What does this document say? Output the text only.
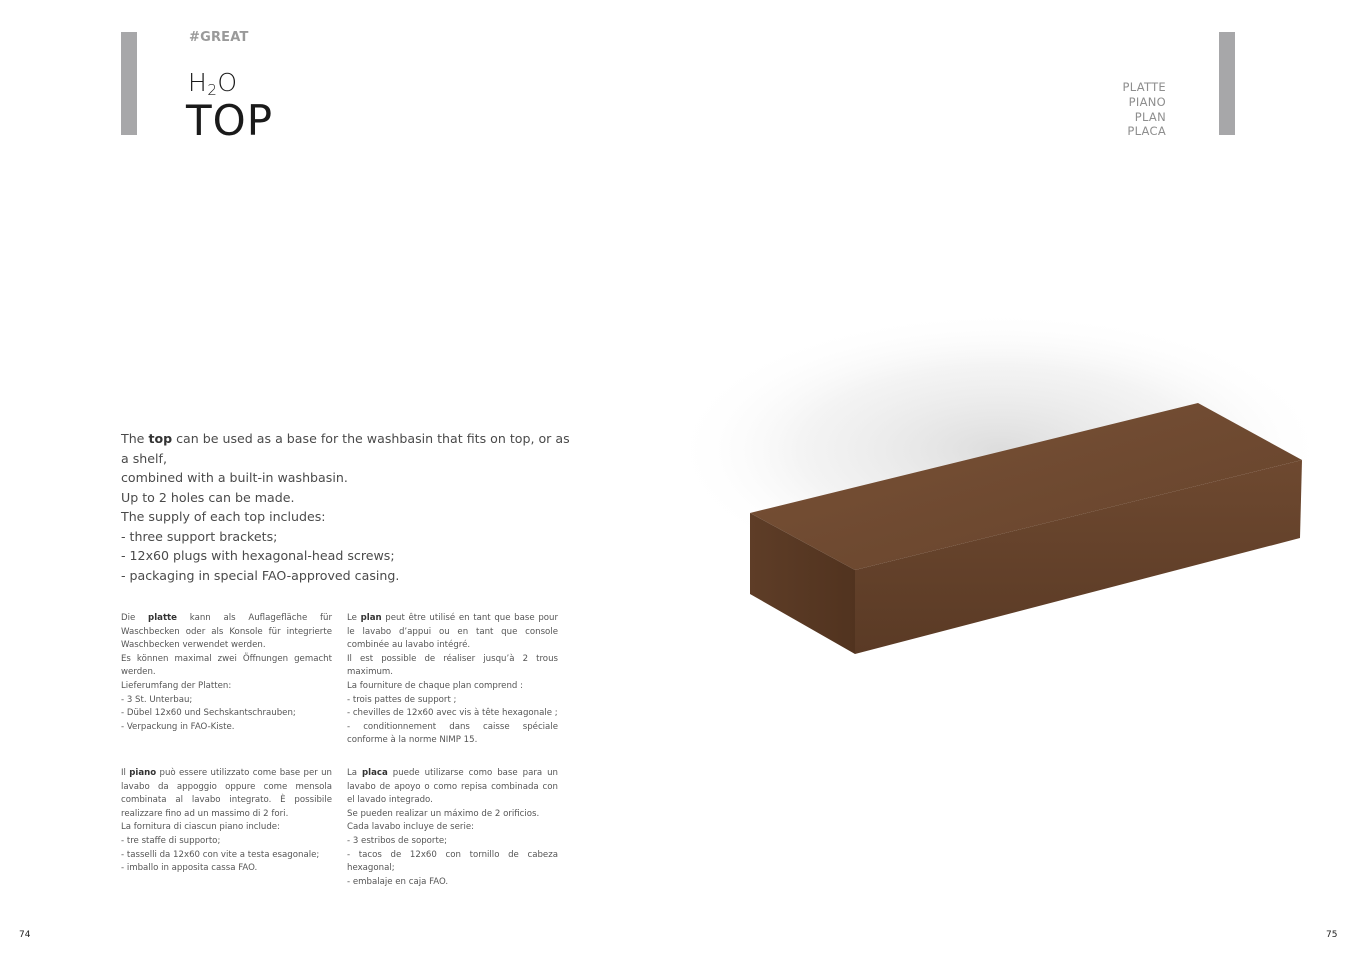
#GREAT
$H_2O$
TOP
PLATTE
PIANO
PLAN
PLACA

The top can be used as a base for the washbasin that fits on top, or as a shelf,

combined with a built-in washbasin.

Up to 2 holes can be made.

The supply of each top includes:

- three support brackets;

- 12x60 plugs with hexagonal-head screws;

- packaging in special FAO-approved casing.

Die platte kann als Auflagefläche für Waschbecken oder als Konsole für integrierte Waschbecken verwendet werden.

Es können maximal zwei Öffnungen gemacht werden.

Lieferumfang der Platten:

- 3 St. Unterbau;

- Dübel 12x60 und Sechskantschrauben;

- Verpackung in FAO-Kiste.

Le plan peut être utilisé en tant que base pour le lavabo d’appui ou en tant que console combinée au lavabo intégré.

Il est possible de réaliser jusqu’à 2 trous maximum.

La fourniture de chaque plan comprend :

- trois pattes de support ;

- chevilles de 12x60 avec vis à tête hexagonale ;

- conditionnement dans caisse spéciale conforme à la norme NIMP 15.

Il piano può essere utilizzato come base per un lavabo da appoggio oppure come mensola combinata al lavabo integrato. È possibile realizzare fino ad un massimo di 2 fori.

La fornitura di ciascun piano include:

- tre staffe di supporto;

- tasselli da 12x60 con vite a testa esagonale;

- imballo in apposita cassa FAO.

La placa puede utilizarse como base para un lavabo de apoyo o como repisa combinada con el lavado integrado.

Se pueden realizar un máximo de 2 orificios.

Cada lavabo incluye de serie:

- 3 estribos de soporte;

- tacos de 12x60 con tornillo de cabeza hexagonal;

- embalaje en caja FAO.

74	75
